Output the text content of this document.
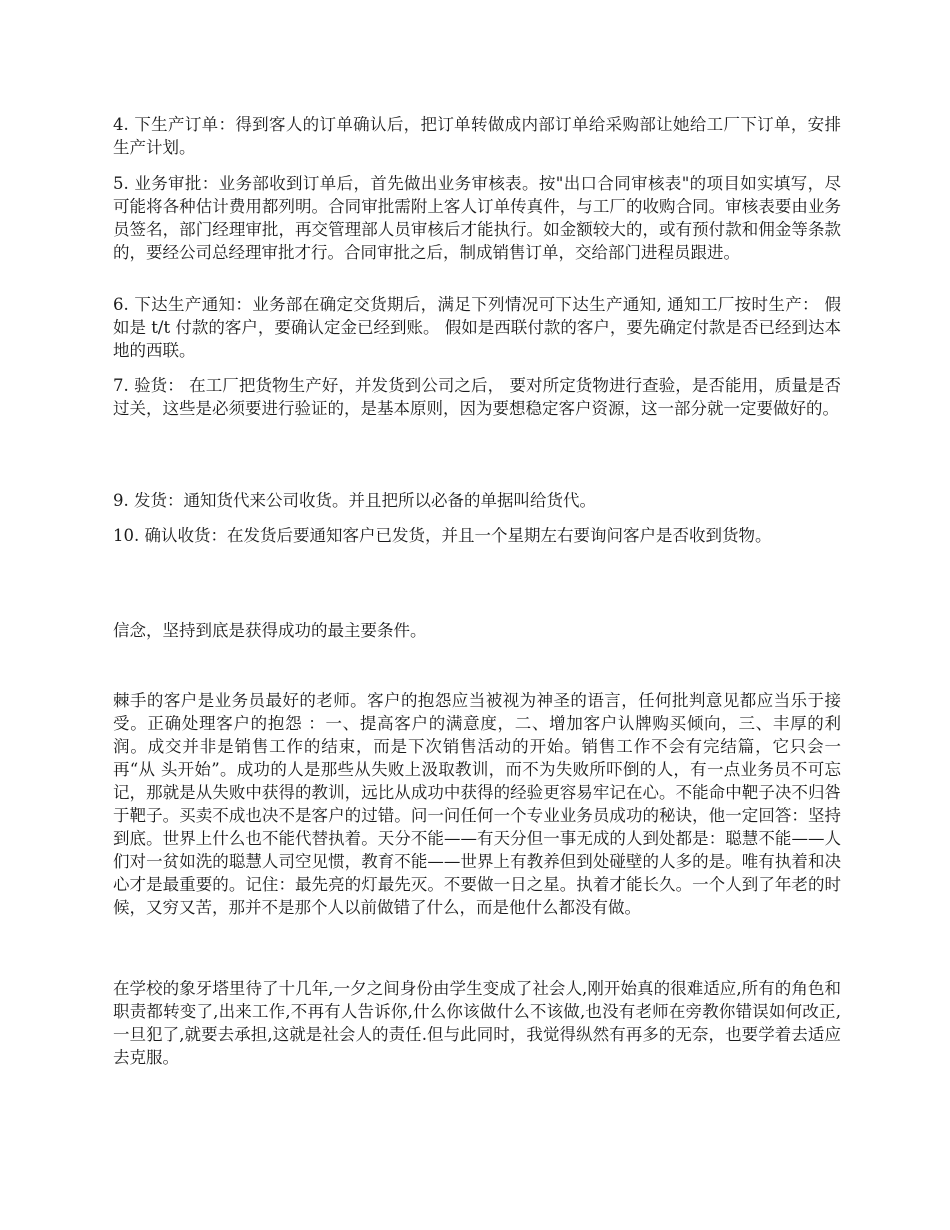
4. 下生产订单：得到客人的订单确认后，把订单转做成内部订单给采购部让她给工厂下订单，安排生产计划。

5. 业务审批：业务部收到订单后，首先做出业务审核表。按"出口合同审核表"的项目如实填写，尽可能将各种估计费用都列明。合同审批需附上客人订单传真件，与工厂的收购合同。审核表要由业务员签名，部门经理审批，再交管理部人员审核后才能执行。如金额较大的，或有预付款和佣金等条款的，要经公司总经理审批才行。合同审批之后，制成销售订单，交给部门进程员跟进。

6. 下达生产通知：业务部在确定交货期后，满足下列情况可下达生产通知, 通知工厂按时生产： 假如是 t/t 付款的客户，要确认定金已经到账。 假如是西联付款的客户，要先确定付款是否已经到达本地的西联。

7. 验货： 在工厂把货物生产好，并发货到公司之后， 要对所定货物进行查验，是否能用，质量是否过关，这些是必须要进行验证的，是基本原则，因为要想稳定客户资源，这一部分就一定要做好的。

9. 发货：通知货代来公司收货。并且把所以必备的单据叫给货代。

10. 确认收货：在发货后要通知客户已发货，并且一个星期左右要询问客户是否收到货物。

信念，坚持到底是获得成功的最主要条件。

棘手的客户是业务员最好的老师。客户的抱怨应当被视为神圣的语言，任何批判意见都应当乐于接受。正确处理客户的抱怨 ：一、提高客户的满意度，二、增加客户认牌购买倾向，三、丰厚的利润。成交并非是销售工作的结束，而是下次销售活动的开始。销售工作不会有完结篇，它只会一再“从 头开始”。成功的人是那些从失败上汲取教训，而不为失败所吓倒的人，有一点业务员不可忘记，那就是从失败中获得的教训，远比从成功中获得的经验更容易牢记在心。不能命中靶子决不归咎于靶子。买卖不成也决不是客户的过错。问一问任何一个专业业务员成功的秘诀，他一定回答：坚持到底。世界上什么也不能代替执着。天分不能——有天分但一事无成的人到处都是：聪慧不能——人们对一贫如洗的聪慧人司空见惯，教育不能——世界上有教养但到处碰壁的人多的是。唯有执着和决心才是最重要的。记住：最先亮的灯最先灭。不要做一日之星。执着才能长久。一个人到了年老的时候，又穷又苦，那并不是那个人以前做错了什么，而是他什么都没有做。

在学校的象牙塔里待了十几年,一夕之间身份由学生变成了社会人,刚开始真的很难适应,所有的角色和职责都转变了,出来工作,不再有人告诉你,什么你该做什么不该做,也没有老师在旁教你错误如何改正,一旦犯了,就要去承担,这就是社会人的责任.但与此同时，我觉得纵然有再多的无奈，也要学着去适应去克服。
